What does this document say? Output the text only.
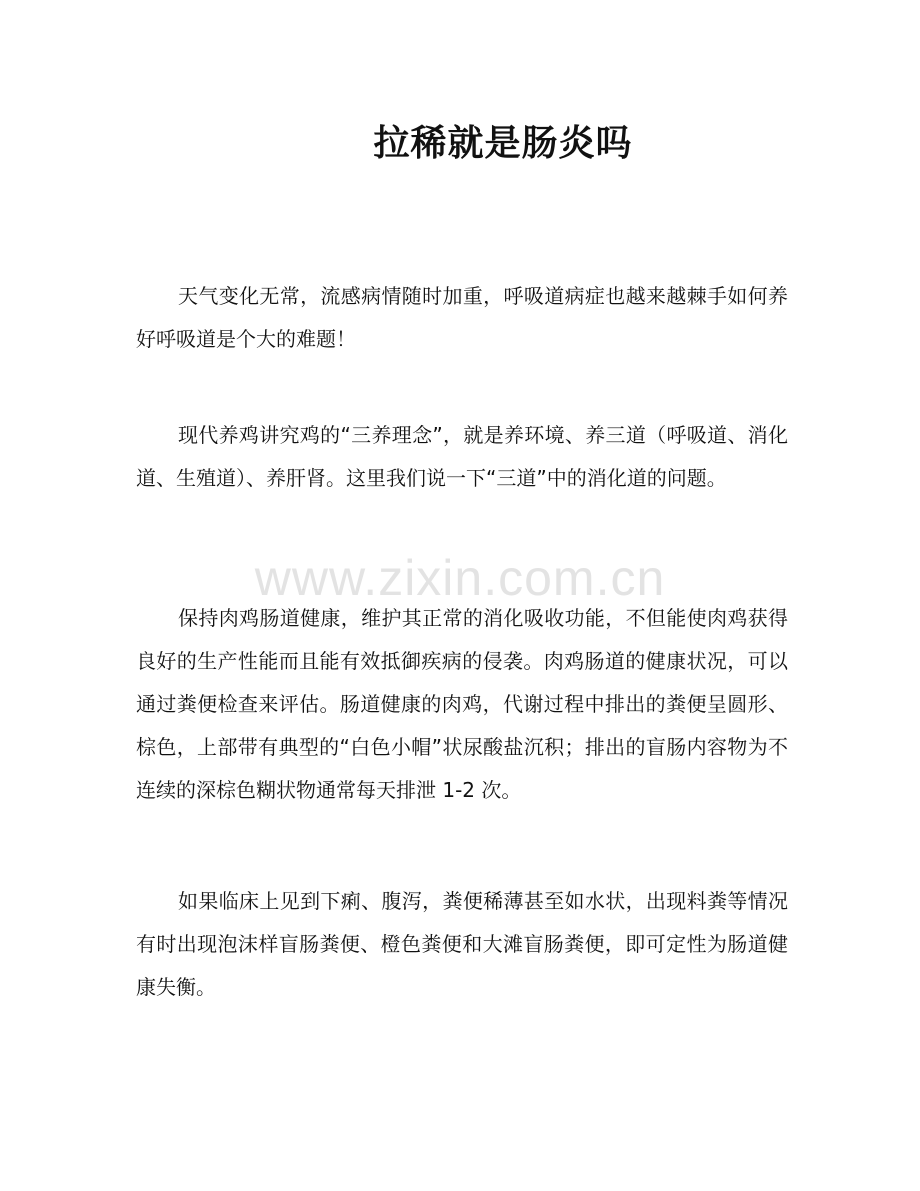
拉稀就是肠炎吗

天气变化无常，流感病情随时加重，呼吸道病症也越来越棘手如何养好呼吸道是个大的难题！

现代养鸡讲究鸡的“三养理念”，就是养环境、养三道（呼吸道、消化道、生殖道）、养肝肾。这里我们说一下“三道”中的消化道的问题。

www.zixin.com.cn

保持肉鸡肠道健康，维护其正常的消化吸收功能，不但能使肉鸡获得良好的生产性能而且能有效抵御疾病的侵袭。肉鸡肠道的健康状况，可以通过粪便检查来评估。肠道健康的肉鸡，代谢过程中排出的粪便呈圆形、棕色，上部带有典型的“白色小帽”状尿酸盐沉积；排出的盲肠内容物为不连续的深棕色糊状物通常每天排泄 1-2 次。

如果临床上见到下痢、腹泻，粪便稀薄甚至如水状，出现料粪等情况有时出现泡沫样盲肠粪便、橙色粪便和大滩盲肠粪便，即可定性为肠道健康失衡。
